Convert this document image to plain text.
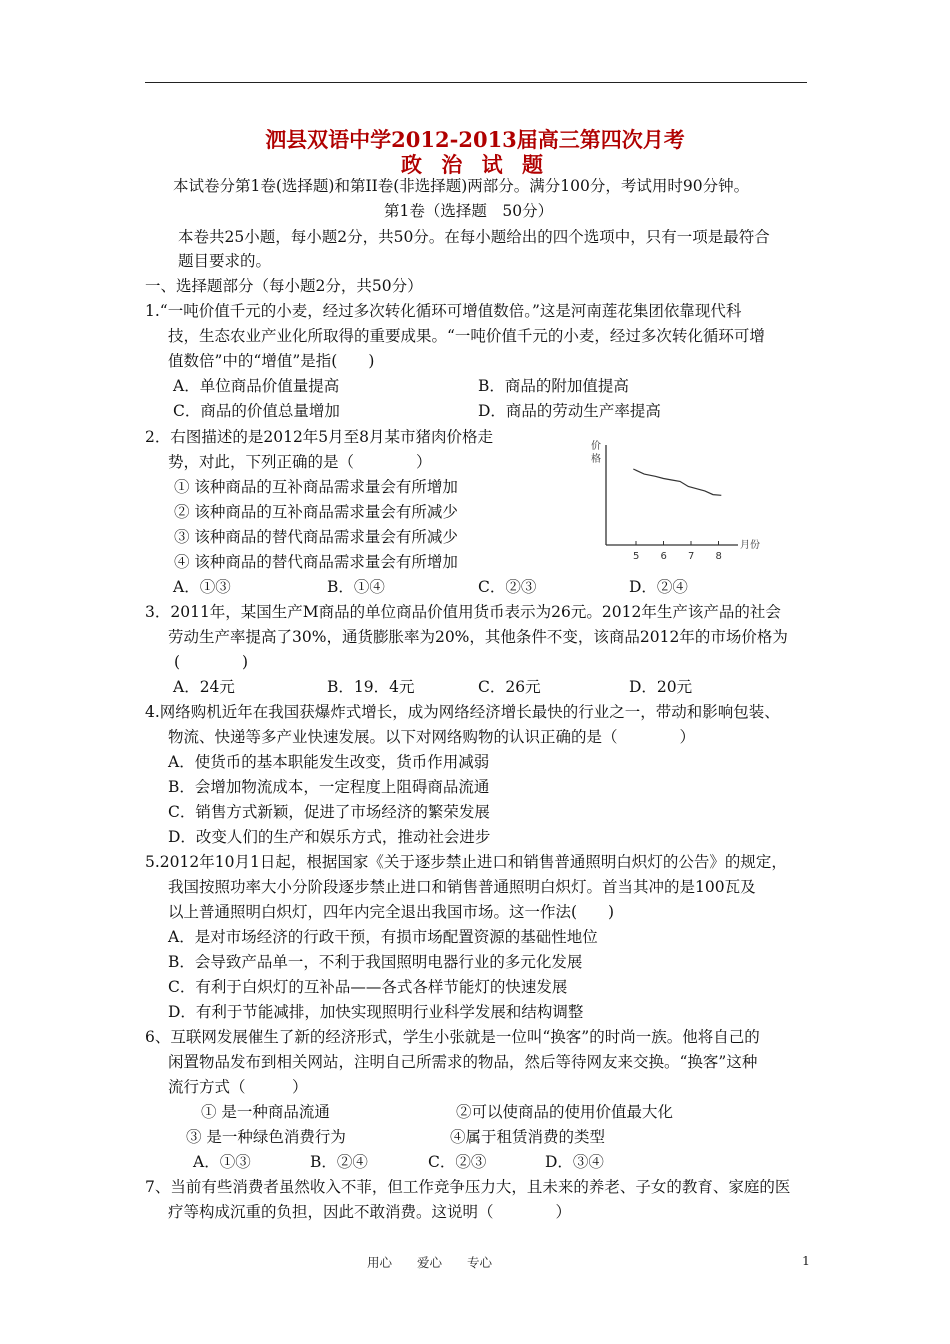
泗县双语中学2012-2013届高三第四次月考
政 治 试 题
本试卷分第1卷(选择题)和第II卷(非选择题)两部分。满分100分，考试用时90分钟。
第1卷（选择题　50分）
本卷共25小题，每小题2分，共50分。在每小题给出的四个选项中，只有一项是最符合
题目要求的。
一、选择题部分（每小题2分，共50分）
1.“一吨价值千元的小麦，经过多次转化循环可增值数倍。”这是河南莲花集团依靠现代科
技，生态农业产业化所取得的重要成果。“一吨价值千元的小麦，经过多次转化循环可增
值数倍”中的“增值”是指(　　)
A．单位商品价值量提高	B．商品的附加值提高
C．商品的价值总量增加	D．商品的劳动生产率提高
2．右图描述的是2012年5月至8月某市猪肉价格走
势，对此，下列正确的是（　　　　）
① 该种商品的互补商品需求量会有所增加
② 该种商品的互补商品需求量会有所减少
③ 该种商品的替代商品需求量会有所减少
④ 该种商品的替代商品需求量会有所增加
A．①③	B．①④	C．②③	D．②④
价
格
月份
5 6 7 8
3．2011年，某国生产M商品的单位商品价值用货币表示为26元。2012年生产该产品的社会
劳动生产率提高了30%，通货膨胀率为20%，其他条件不变，该商品2012年的市场价格为
(　　　　)
A．24元	B．19．4元	C．26元	D．20元
4.网络购机近年在我国获爆炸式增长，成为网络经济增长最快的行业之一，带动和影响包装、
物流、快递等多产业快速发展。以下对网络购物的认识正确的是（　　　　）
A．使货币的基本职能发生改变，货币作用减弱
B．会增加物流成本，一定程度上阻碍商品流通
C．销售方式新颖，促进了市场经济的繁荣发展
D．改变人们的生产和娱乐方式，推动社会进步
5.2012年10月1日起，根据国家《关于逐步禁止进口和销售普通照明白炽灯的公告》的规定，
我国按照功率大小分阶段逐步禁止进口和销售普通照明白炽灯。首当其冲的是100瓦及
以上普通照明白炽灯，四年内完全退出我国市场。这一作法(　　)
A．是对市场经济的行政干预，有损市场配置资源的基础性地位
B．会导致产品单一，不利于我国照明电器行业的多元化发展
C．有利于白炽灯的互补品——各式各样节能灯的快速发展
D．有利于节能减排，加快实现照明行业科学发展和结构调整
6、互联网发展催生了新的经济形式，学生小张就是一位叫“换客”的时尚一族。他将自己的
闲置物品发布到相关网站，注明自己所需求的物品，然后等待网友来交换。“换客”这种
流行方式（　　　）
① 是一种商品流通	②可以使商品的使用价值最大化
③ 是一种绿色消费行为	④属于租赁消费的类型
A．①③	B．②④	C．②③	D．③④
7、当前有些消费者虽然收入不菲，但工作竞争压力大，且未来的养老、子女的教育、家庭的医
疗等构成沉重的负担，因此不敢消费。这说明（　　　　）
用心　　爱心　　专心	1
